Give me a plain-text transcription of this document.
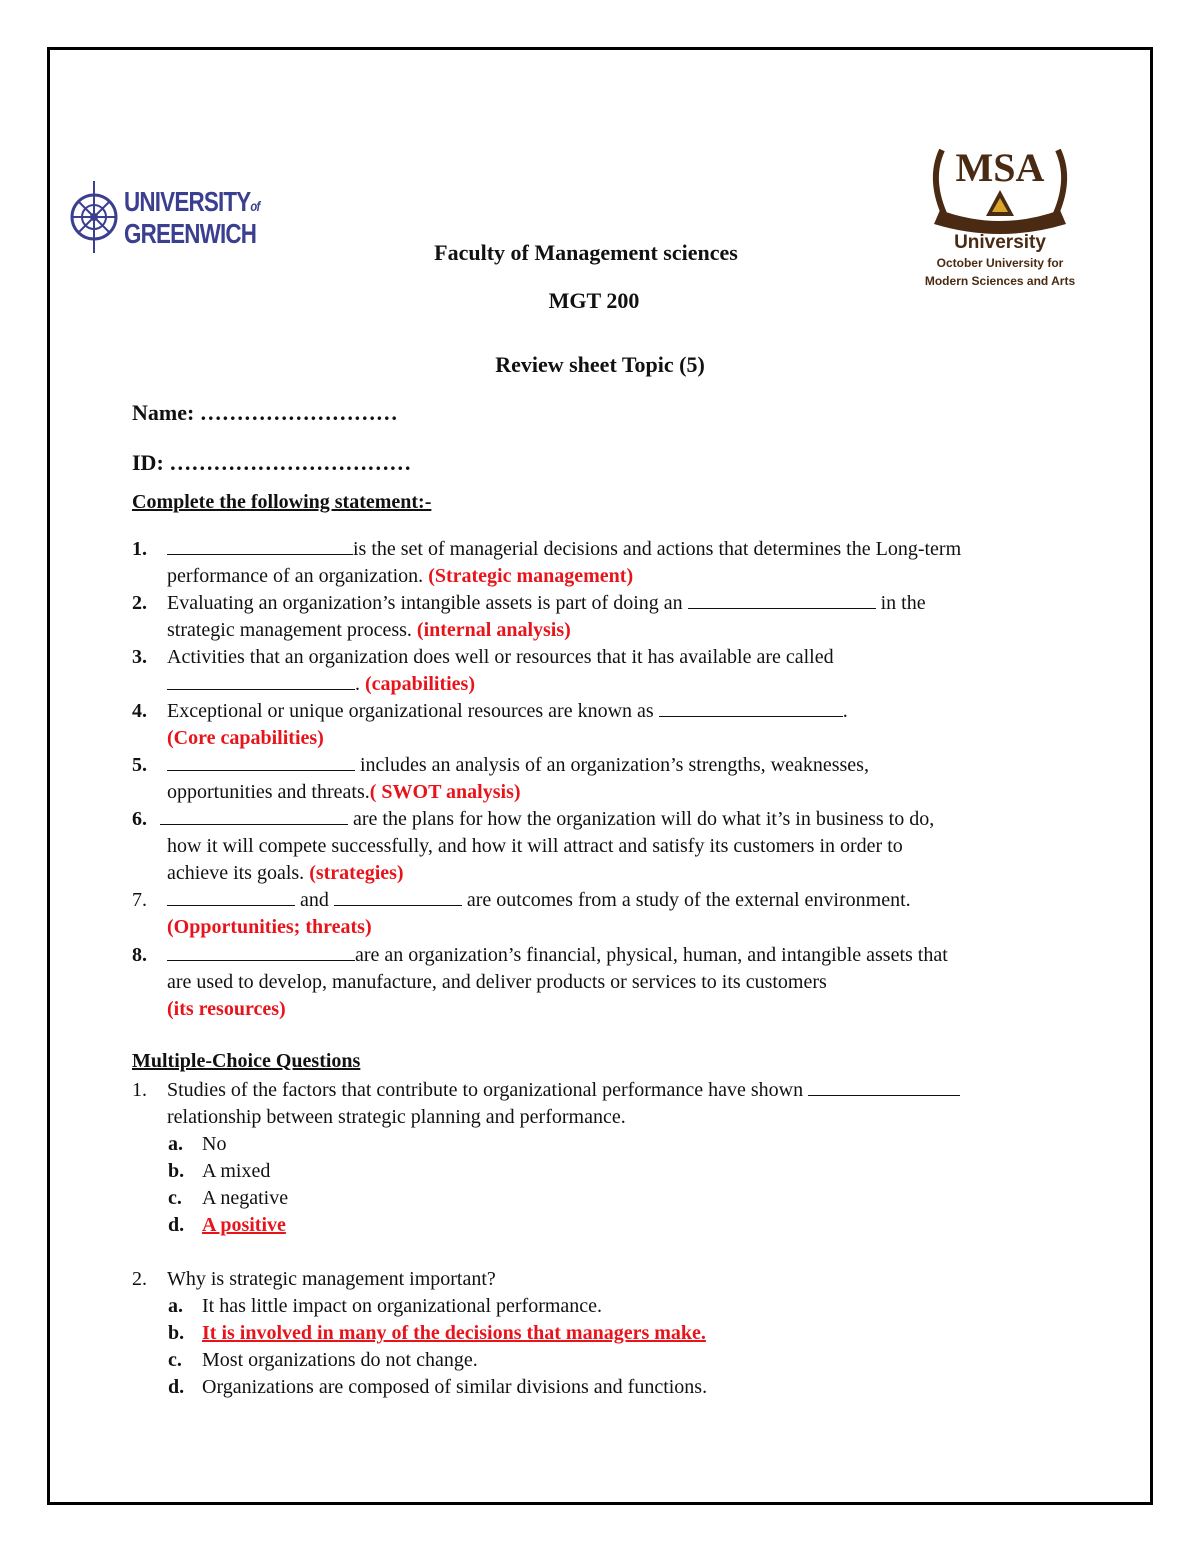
UNIVERSITYof
GREENWICH
MSA
University
October University for
Modern Sciences and Arts
Faculty of Management sciences
MGT 200
Review sheet Topic (5)
Name: ………………………
ID: ……………………………
Complete the following statement:-
1.	is the set of managerial decisions and actions that determines the Long-term
performance of an organization. (Strategic management)
2. Evaluating an organization’s intangible assets is part of doing an	in the
strategic management process. (internal analysis)
3. Activities that an organization does well or resources that it has available are called
. (capabilities)
4. Exceptional or unique organizational resources are known as	.
(Core capabilities)
5.	includes an analysis of an organization’s strengths, weaknesses,
opportunities and threats.( SWOT analysis)
6.	are the plans for how the organization will do what it’s in business to do,
how it will compete successfully, and how it will attract and satisfy its customers in order to
achieve its goals. (strategies)
7.	and	are outcomes from a study of the external environment.
(Opportunities; threats)
8.	are an organization’s financial, physical, human, and intangible assets that
are used to develop, manufacture, and deliver products or services to its customers
(its resources)
Multiple-Choice Questions
1. Studies of the factors that contribute to organizational performance have shown
relationship between strategic planning and performance.
a. No
b. A mixed
c. A negative
d. A positive
2. Why is strategic management important?
a. It has little impact on organizational performance.
b. It is involved in many of the decisions that managers make.
c. Most organizations do not change.
d. Organizations are composed of similar divisions and functions.
